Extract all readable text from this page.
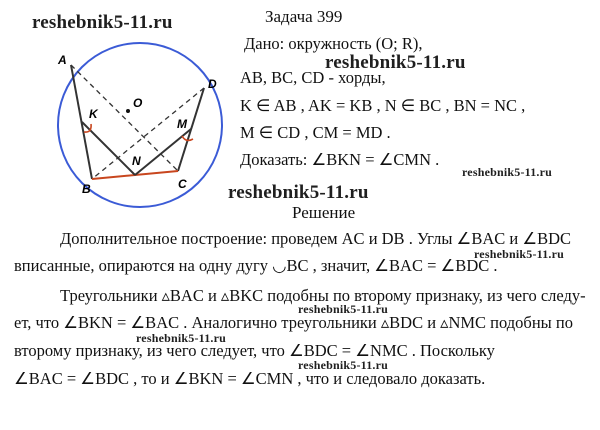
A
B	C
D
K
M
N
O
reshebnik5-11.ru	Задача 399
Дано: окружность (O; R),
reshebnik5-11.ru
AB, BC, CD - хорды,
K ∈ AB , AK = KB , N ∈ BC , BN = NC ,
M ∈ CD , CM = MD .
Доказать: ∠BKN = ∠CMN .
reshebnik5-11.ru
reshebnik5-11.ru
Решение
Дополнительное построение: проведем AC и DB . Углы ∠BAC и ∠BDC
reshebnik5-11.ru
вписанные, опираются на одну дугу ◡BC , значит, ∠BAC = ∠BDC .
Треугольники ▵BAC и ▵BKC подобны по второму признаку, из чего следу-
reshebnik5-11.ru
ет, что ∠BKN = ∠BAC . Аналогично треугольники ▵BDC и ▵NMC подобны по
reshebnik5-11.ru
второму признаку, из чего следует, что ∠BDC = ∠NMC . Поскольку
reshebnik5-11.ru
∠BAC = ∠BDC , то и ∠BKN = ∠CMN , что и следовало доказать.
